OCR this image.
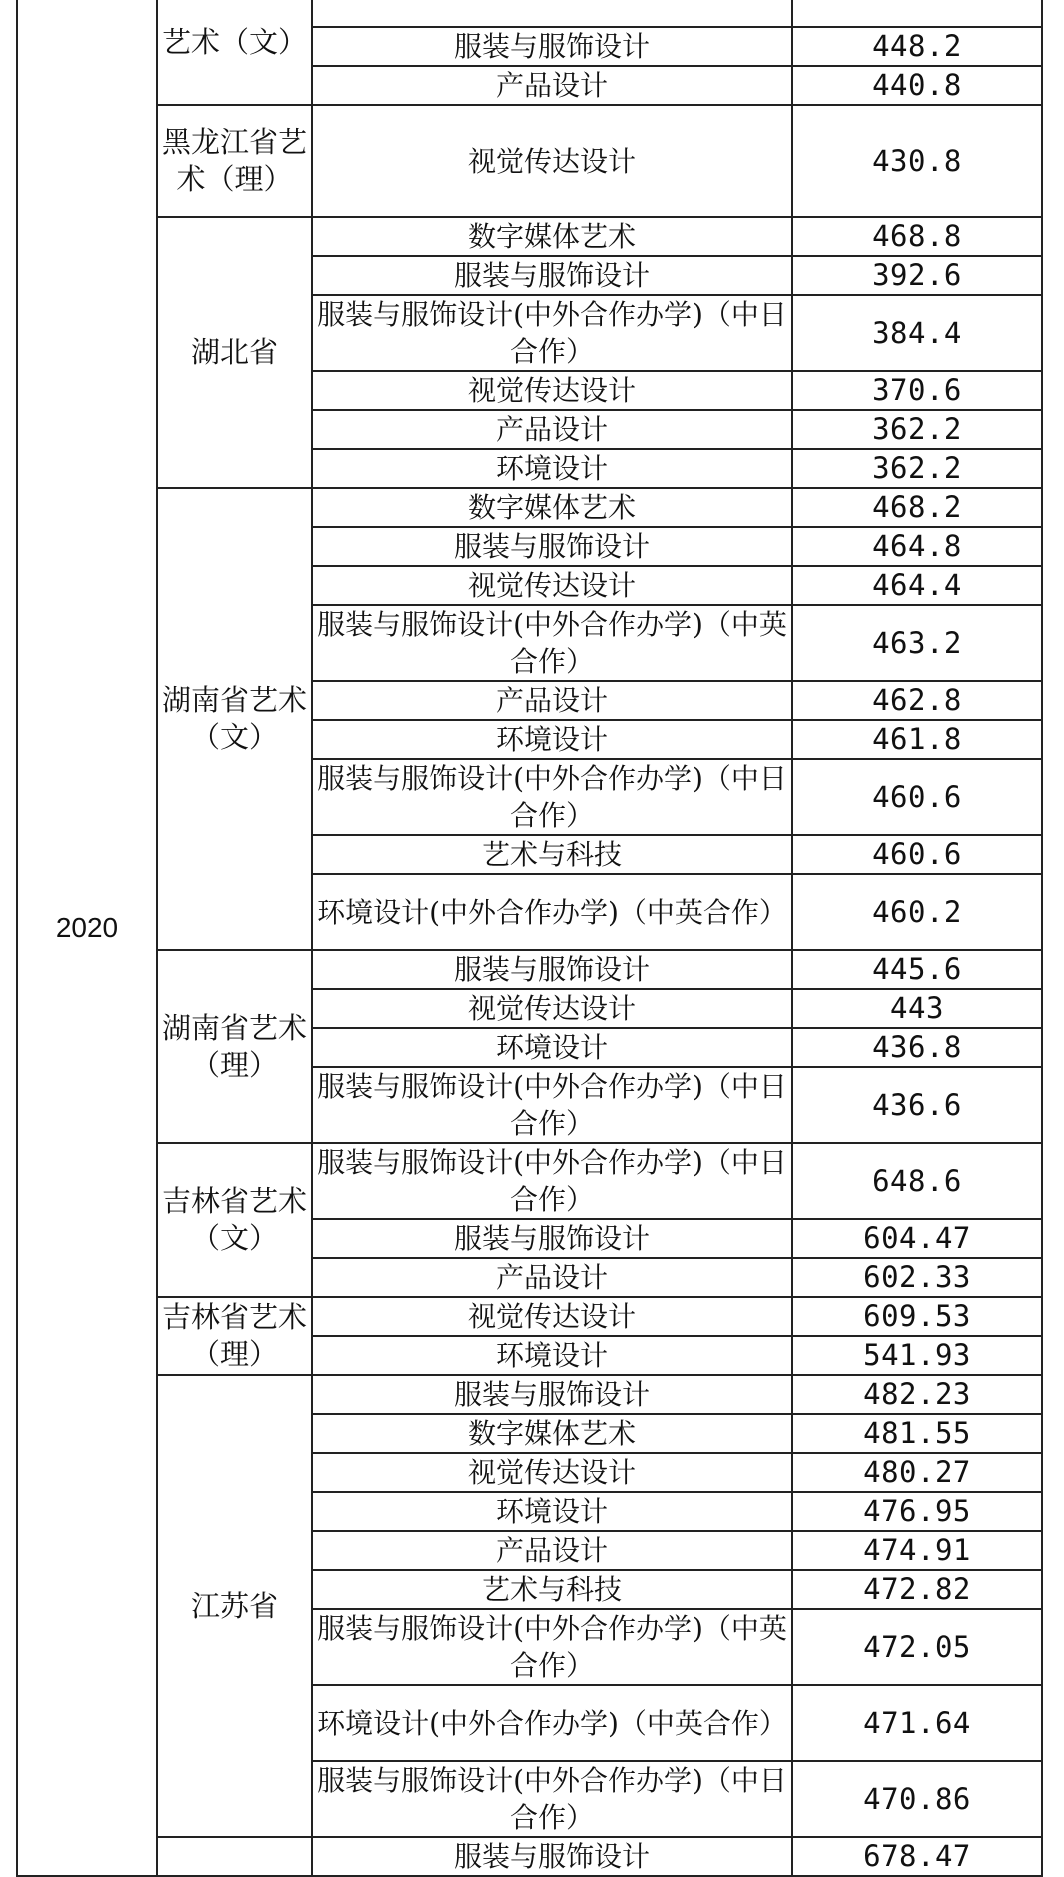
2020	艺术（文）		
		服装与服饰设计	448.2
		产品设计	440.8
	黑龙江省艺术（理）	视觉传达设计	430.8
	湖北省	数字媒体艺术	468.8
		服装与服饰设计	392.6
		服装与服饰设计(中外合作办学)（中日合作）	384.4
		视觉传达设计	370.6
		产品设计	362.2
		环境设计	362.2
	湖南省艺术（文）	数字媒体艺术	468.2
		服装与服饰设计	464.8
		视觉传达设计	464.4
		服装与服饰设计(中外合作办学)（中英合作）	463.2
		产品设计	462.8
		环境设计	461.8
		服装与服饰设计(中外合作办学)（中日合作）	460.6
		艺术与科技	460.6
		环境设计(中外合作办学)（中英合作）	460.2
	湖南省艺术（理）	服装与服饰设计	445.6
		视觉传达设计	443
		环境设计	436.8
		服装与服饰设计(中外合作办学)（中日合作）	436.6
	吉林省艺术（文）	服装与服饰设计(中外合作办学)（中日合作）	648.6
		服装与服饰设计	604.47
		产品设计	602.33
	吉林省艺术（理）	视觉传达设计	609.53
		环境设计	541.93
	江苏省	服装与服饰设计	482.23
		数字媒体艺术	481.55
		视觉传达设计	480.27
		环境设计	476.95
		产品设计	474.91
		艺术与科技	472.82
		服装与服饰设计(中外合作办学)（中英合作）	472.05
		环境设计(中外合作办学)（中英合作）	471.64
		服装与服饰设计(中外合作办学)（中日合作）	470.86
		服装与服饰设计	678.47
